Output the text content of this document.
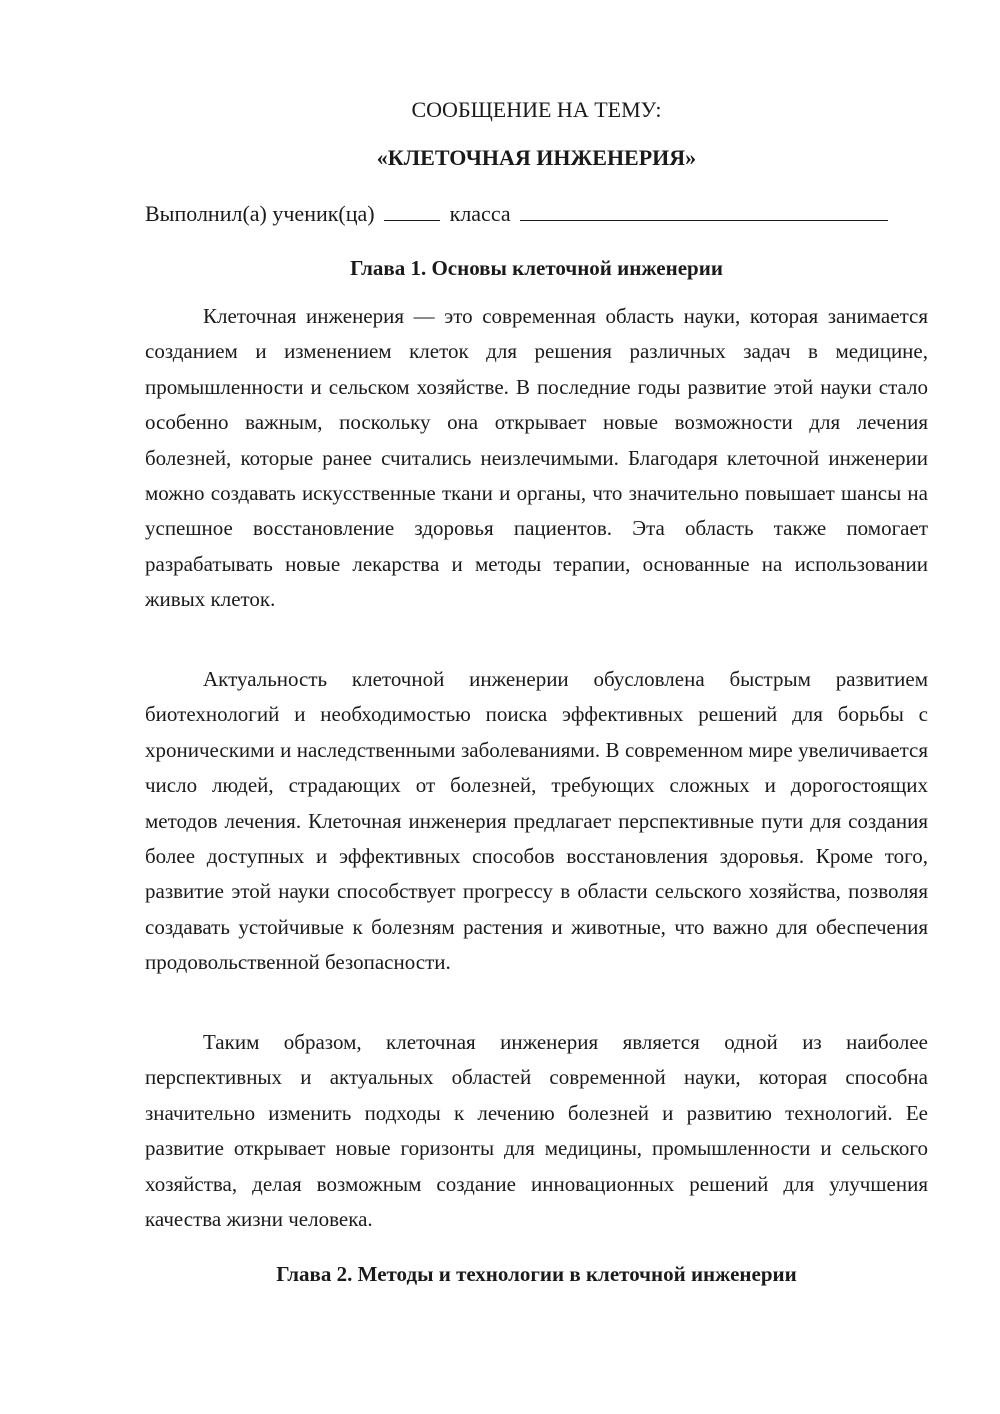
СООБЩЕНИЕ НА ТЕМУ:

«КЛЕТОЧНАЯ ИНЖЕНЕРИЯ»

Выполнил(а) ученик(ца)	класса
Глава 1. Основы клеточной инженерии

Клеточная инженерия — это современная область науки, которая занимается созданием и изменением клеток для решения различных задач в медицине, промышленности и сельском хозяйстве. В последние годы развитие этой науки стало особенно важным, поскольку она открывает новые возможности для лечения болезней, которые ранее считались неизлечимыми. Благодаря клеточной инженерии можно создавать искусственные ткани и органы, что значительно повышает шансы на успешное восстановление здоровья пациентов. Эта область также помогает разрабатывать новые лекарства и методы терапии, основанные на использовании живых клеток.

Актуальность клеточной инженерии обусловлена быстрым развитием биотехнологий и необходимостью поиска эффективных решений для борьбы с хроническими и наследственными заболеваниями. В современном мире увеличивается число людей, страдающих от болезней, требующих сложных и дорогостоящих методов лечения. Клеточная инженерия предлагает перспективные пути для создания более доступных и эффективных способов восстановления здоровья. Кроме того, развитие этой науки способствует прогрессу в области сельского хозяйства, позволяя создавать устойчивые к болезням растения и животные, что важно для обеспечения продовольственной безопасности.

Таким образом, клеточная инженерия является одной из наиболее перспективных и актуальных областей современной науки, которая способна значительно изменить подходы к лечению болезней и развитию технологий. Ее развитие открывает новые горизонты для медицины, промышленности и сельского хозяйства, делая возможным создание инновационных решений для улучшения качества жизни человека.

Глава 2. Методы и технологии в клеточной инженерии
